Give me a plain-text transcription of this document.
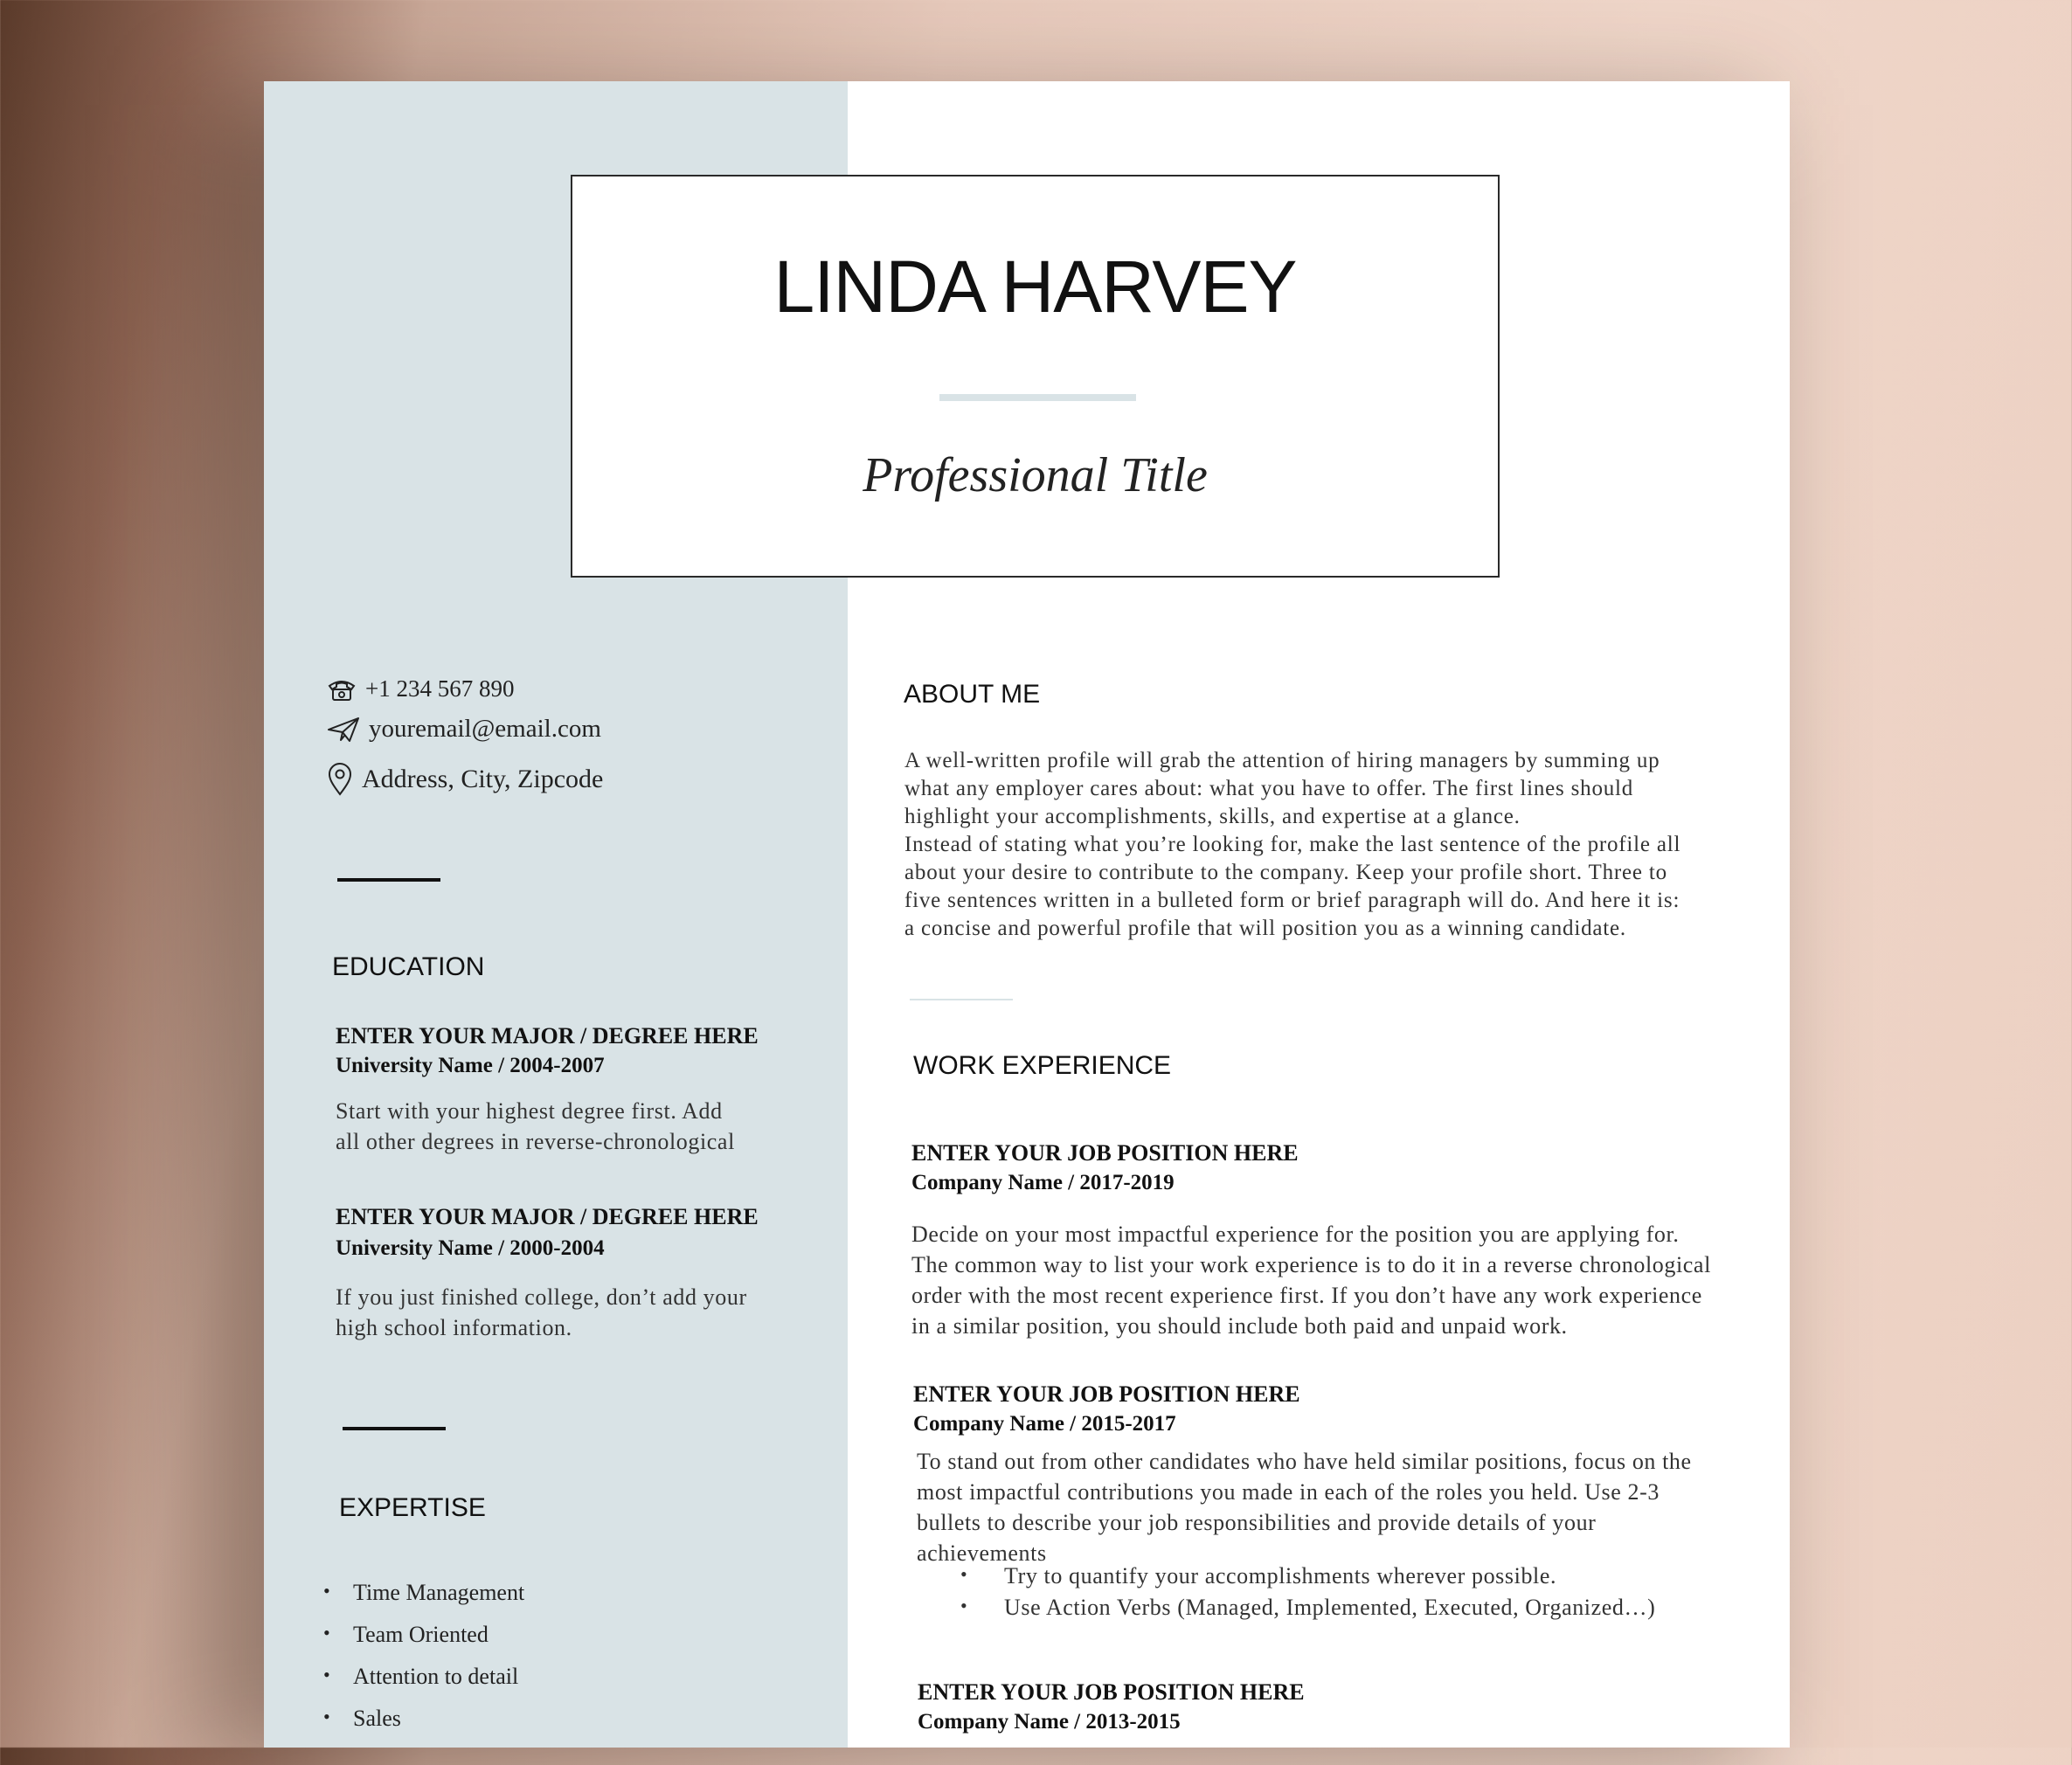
LINDA HARVEY
Professional Title
+1 234 567 890
youremail@email.com
Address, City, Zipcode
EDUCATION
ENTER YOUR MAJOR / DEGREE HERE
University Name / 2004-2007
Start with your highest degree first. Add
all other degrees in reverse-chronological
ENTER YOUR MAJOR / DEGREE HERE
University Name / 2000-2004
If you just finished college, don’t add your
high school information.
EXPERTISE
•	Time Management
•	Team Oriented
•	Attention to detail
•	Sales
ABOUT ME
A well-written profile will grab the attention of hiring managers by summing up
what any employer cares about: what you have to offer. The first lines should
highlight your accomplishments, skills, and expertise at a glance.
Instead of stating what you’re looking for, make the last sentence of the profile all
about your desire to contribute to the company. Keep your profile short. Three to
five sentences written in a bulleted form or brief paragraph will do. And here it is:
a concise and powerful profile that will position you as a winning candidate.
WORK EXPERIENCE
ENTER YOUR JOB POSITION HERE
Company Name / 2017-2019
Decide on your most impactful experience for the position you are applying for.
The common way to list your work experience is to do it in a reverse chronological
order with the most recent experience first. If you don’t have any work experience
in a similar position, you should include both paid and unpaid work.
ENTER YOUR JOB POSITION HERE
Company Name / 2015-2017
To stand out from other candidates who have held similar positions, focus on the
most impactful contributions you made in each of the roles you held. Use 2-3
bullets to describe your job responsibilities and provide details of your
achievements
•	Try to quantify your accomplishments wherever possible.
•	Use Action Verbs (Managed, Implemented, Executed, Organized…)
ENTER YOUR JOB POSITION HERE
Company Name / 2013-2015
